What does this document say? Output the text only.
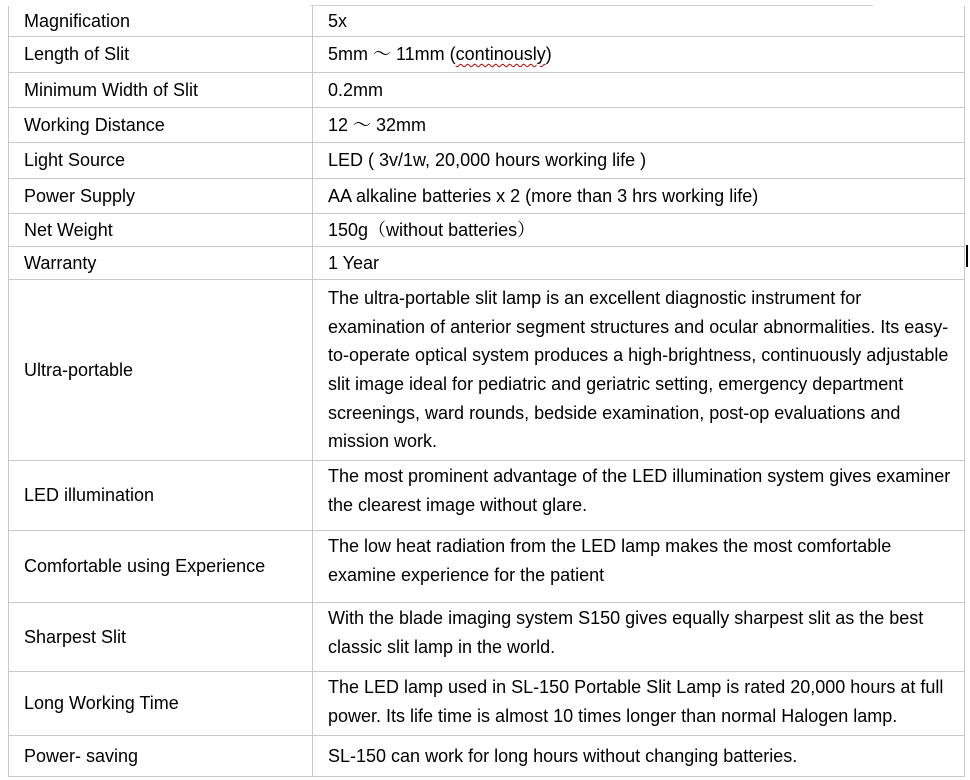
Magnification	5x
Length of Slit	5mm ～ 11mm (continously)
Minimum Width of Slit	0.2mm
Working Distance	12 ～ 32mm
Light Source	LED ( 3v/1w, 20,000 hours working life )
Power Supply	AA alkaline batteries x 2 (more than 3 hrs working life)
Net Weight	150g（without batteries）
Warranty	1 Year
Ultra-portable	The ultra-portable slit lamp is an excellent diagnostic instrument for examination of anterior segment structures and ocular abnormalities. Its easy-to-operate optical system produces a high-brightness, continuously adjustable slit image ideal for pediatric and geriatric setting, emergency department screenings, ward rounds, bedside examination, post-op evaluations and mission work.
LED illumination	The most prominent advantage of the LED illumination system gives examiner the clearest image without glare.
Comfortable using Experience	The low heat radiation from the LED lamp makes the most comfortable examine experience for the patient
Sharpest Slit	With the blade imaging system S150 gives equally sharpest slit as the best classic slit lamp in the world.
Long Working Time	The LED lamp used in SL-150 Portable Slit Lamp is rated 20,000 hours at full power. Its life time is almost 10 times longer than normal Halogen lamp.
Power- saving	SL-150 can work for long hours without changing batteries.
